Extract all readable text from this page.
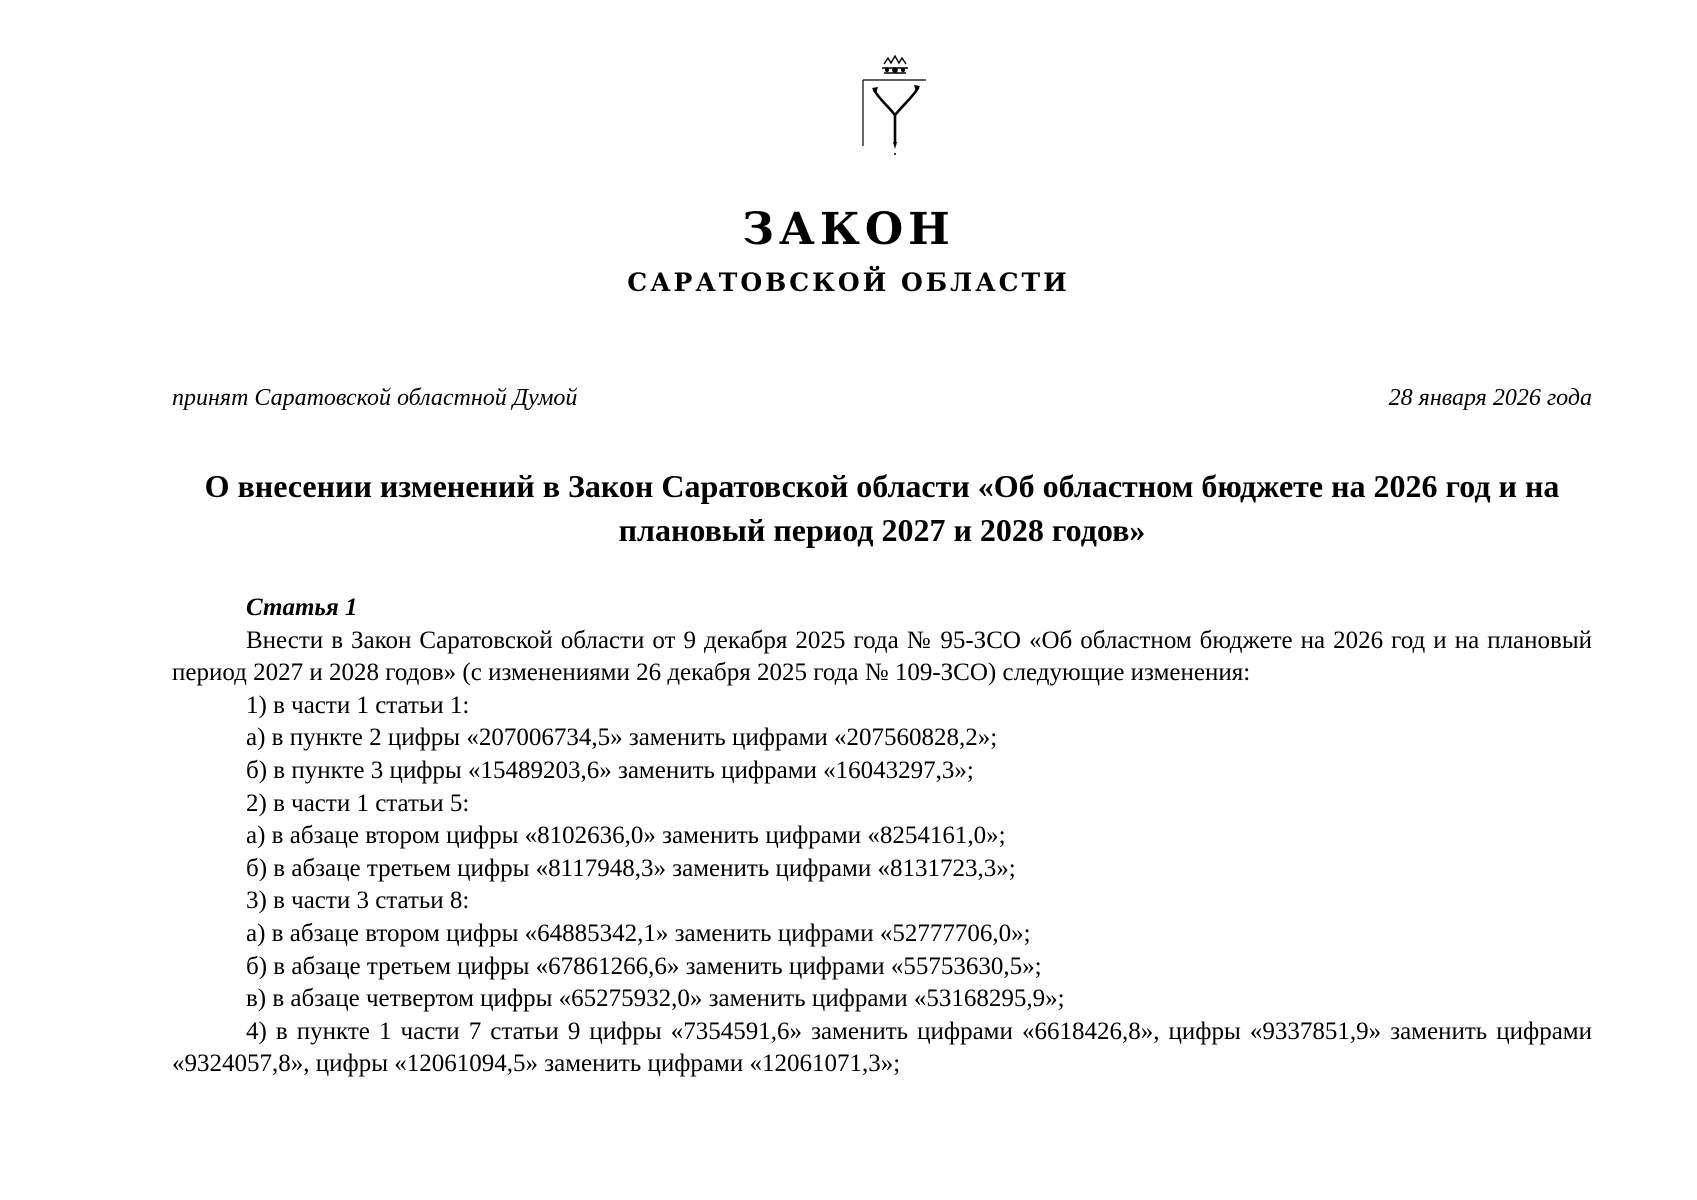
ЗАКОН
САРАТОВСКОЙ ОБЛАСТИ
принят Саратовской областной Думой	28 января 2026 года
О внесении изменений в Закон Саратовской области «Об областном бюджете на 2026 год и на плановый период 2027 и 2028 годов»

Статья 1

Внести в Закон Саратовской области от 9 декабря 2025 года № 95-ЗСО «Об областном бюджете на 2026 год и на плановый период 2027 и 2028 годов» (с изменениями 26 декабря 2025 года № 109-ЗСО) следующие изменения:

1) в части 1 статьи 1:

а) в пункте 2 цифры «207006734,5» заменить цифрами «207560828,2»;

б) в пункте 3 цифры «15489203,6» заменить цифрами «16043297,3»;

2) в части 1 статьи 5:

а) в абзаце втором цифры «8102636,0» заменить цифрами «8254161,0»;

б) в абзаце третьем цифры «8117948,3» заменить цифрами «8131723,3»;

3) в части 3 статьи 8:

а) в абзаце втором цифры «64885342,1» заменить цифрами «52777706,0»;

б) в абзаце третьем цифры «67861266,6» заменить цифрами «55753630,5»;

в) в абзаце четвертом цифры «65275932,0» заменить цифрами «53168295,9»;

4) в пункте 1 части 7 статьи 9 цифры «7354591,6» заменить цифрами «6618426,8», цифры «9337851,9» заменить цифрами «9324057,8», цифры «12061094,5» заменить цифрами «12061071,3»;
